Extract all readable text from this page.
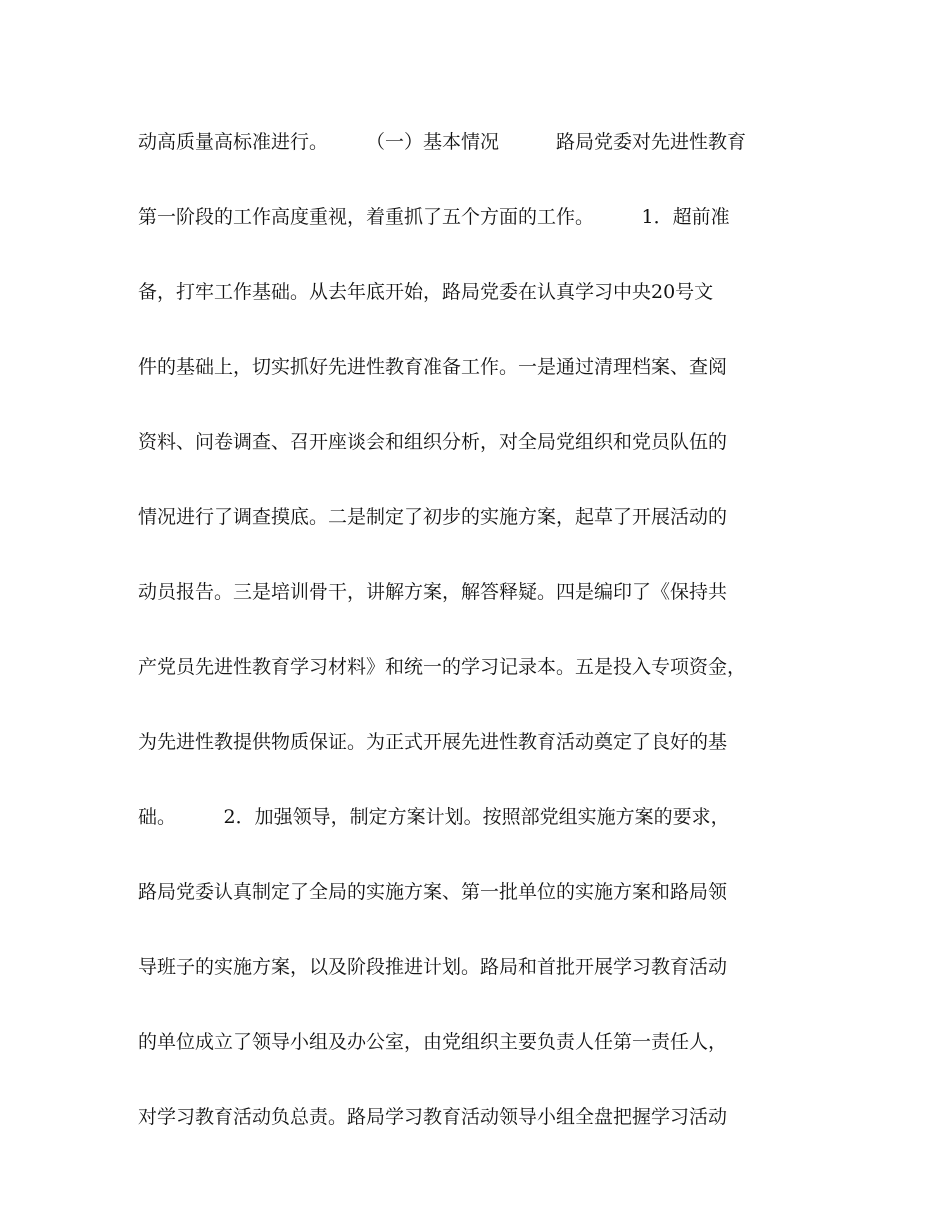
动高质量高标准进行。　　　（一）基本情况　　　路局党委对先进性教育
第一阶段的工作高度重视，着重抓了五个方面的工作。　　　1．超前准
备，打牢工作基础。从去年底开始，路局党委在认真学习中央20号文
件的基础上，切实抓好先进性教育准备工作。一是通过清理档案、查阅
资料、问卷调查、召开座谈会和组织分析，对全局党组织和党员队伍的
情况进行了调查摸底。二是制定了初步的实施方案，起草了开展活动的
动员报告。三是培训骨干，讲解方案，解答释疑。四是编印了《保持共
产党员先进性教育学习材料》和统一的学习记录本。五是投入专项资金，
为先进性教提供物质保证。为正式开展先进性教育活动奠定了良好的基
础。　　　2．加强领导，制定方案计划。按照部党组实施方案的要求，
路局党委认真制定了全局的实施方案、第一批单位的实施方案和路局领
导班子的实施方案，以及阶段推进计划。路局和首批开展学习教育活动
的单位成立了领导小组及办公室，由党组织主要负责人任第一责任人，
对学习教育活动负总责。路局学习教育活动领导小组全盘把握学习活动
